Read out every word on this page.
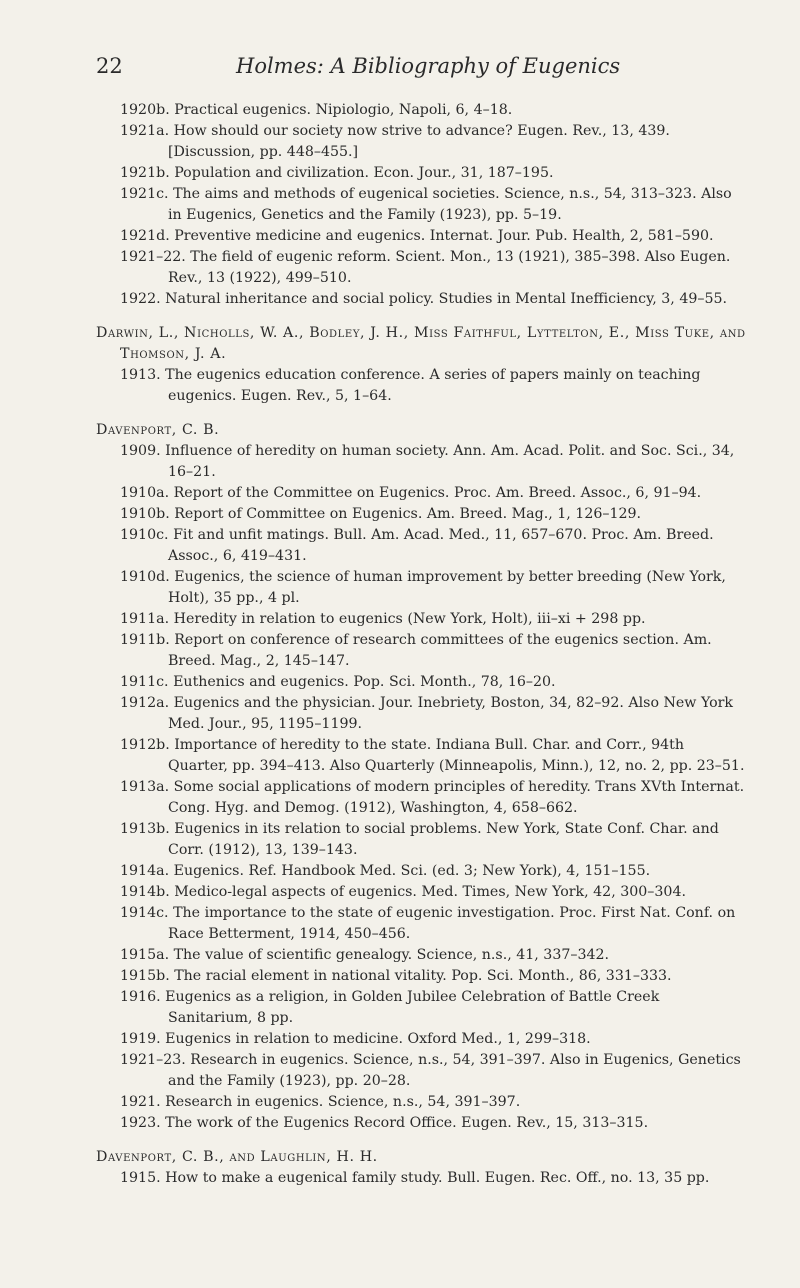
22	Holmes: A Bibliography of Eugenics
1920b. Practical eugenics. Nipiologio, Napoli, 6, 4–18.
1921a. How should our society now strive to advance? Eugen. Rev., 13, 439. [Discussion, pp. 448–455.]
1921b. Population and civilization. Econ. Jour., 31, 187–195.
1921c. The aims and methods of eugenical societies. Science, n.s., 54, 313–323. Also in Eugenics, Genetics and the Family (1923), pp. 5–19.
1921d. Preventive medicine and eugenics. Internat. Jour. Pub. Health, 2, 581–590.
1921–22. The field of eugenic reform. Scient. Mon., 13 (1921), 385–398. Also Eugen. Rev., 13 (1922), 499–510.
1922. Natural inheritance and social policy. Studies in Mental Inefficiency, 3, 49–55.
Darwin, L., Nicholls, W. A., Bodley, J. H., Miss Faithful, Lyttelton, E., Miss Tuke, and Thomson, J. A.
1913. The eugenics education conference. A series of papers mainly on teaching eugenics. Eugen. Rev., 5, 1–64.
Davenport, C. B.
1909. Influence of heredity on human society. Ann. Am. Acad. Polit. and Soc. Sci., 34, 16–21.
1910a. Report of the Committee on Eugenics. Proc. Am. Breed. Assoc., 6, 91–94.
1910b. Report of Committee on Eugenics. Am. Breed. Mag., 1, 126–129.
1910c. Fit and unfit matings. Bull. Am. Acad. Med., 11, 657–670. Proc. Am. Breed. Assoc., 6, 419–431.
1910d. Eugenics, the science of human improvement by better breeding (New York, Holt), 35 pp., 4 pl.
1911a. Heredity in relation to eugenics (New York, Holt), iii–xi + 298 pp.
1911b. Report on conference of research committees of the eugenics section. Am. Breed. Mag., 2, 145–147.
1911c. Euthenics and eugenics. Pop. Sci. Month., 78, 16–20.
1912a. Eugenics and the physician. Jour. Inebriety, Boston, 34, 82–92. Also New York Med. Jour., 95, 1195–1199.
1912b. Importance of heredity to the state. Indiana Bull. Char. and Corr., 94th Quarter, pp. 394–413. Also Quarterly (Minneapolis, Minn.), 12, no. 2, pp. 23–51.
1913a. Some social applications of modern principles of heredity. Trans XVth Internat. Cong. Hyg. and Demog. (1912), Washington, 4, 658–662.
1913b. Eugenics in its relation to social problems. New York, State Conf. Char. and Corr. (1912), 13, 139–143.
1914a. Eugenics. Ref. Handbook Med. Sci. (ed. 3; New York), 4, 151–155.
1914b. Medico-legal aspects of eugenics. Med. Times, New York, 42, 300–304.
1914c. The importance to the state of eugenic investigation. Proc. First Nat. Conf. on Race Betterment, 1914, 450–456.
1915a. The value of scientific genealogy. Science, n.s., 41, 337–342.
1915b. The racial element in national vitality. Pop. Sci. Month., 86, 331–333.
1916. Eugenics as a religion, in Golden Jubilee Celebration of Battle Creek Sanitarium, 8 pp.
1919. Eugenics in relation to medicine. Oxford Med., 1, 299–318.
1921–23. Research in eugenics. Science, n.s., 54, 391–397. Also in Eugenics, Genetics and the Family (1923), pp. 20–28.
1921. Research in eugenics. Science, n.s., 54, 391–397.
1923. The work of the Eugenics Record Office. Eugen. Rev., 15, 313–315.
Davenport, C. B., and Laughlin, H. H.
1915. How to make a eugenical family study. Bull. Eugen. Rec. Off., no. 13, 35 pp.
